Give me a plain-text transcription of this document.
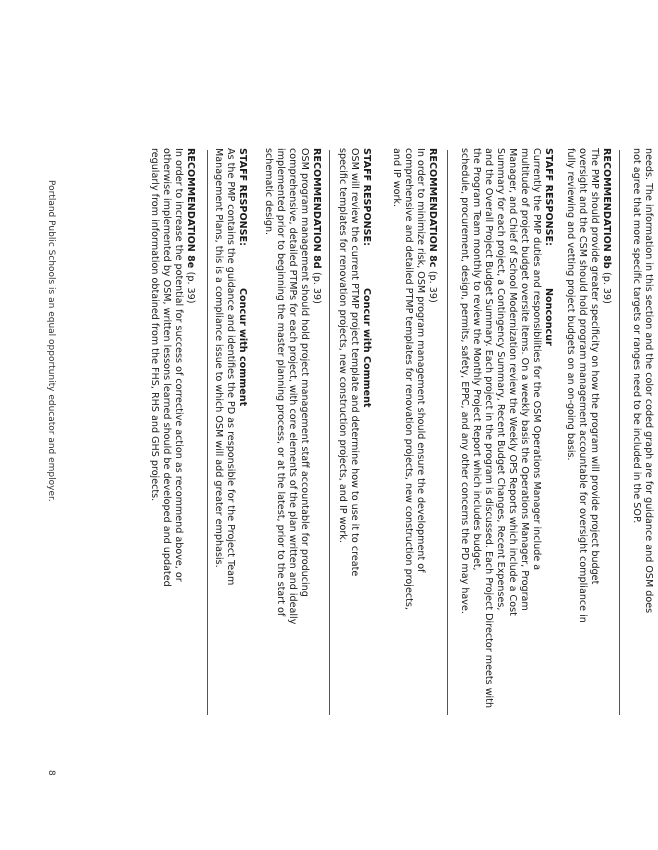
needs. The information in this section and the color coded graph are for guidance and OSM does

not agree that more specific targets or ranges need to be included in the SOP.

RECOMMENDATION 8b (p. 39)

The PMP should provide greater specificity on how the program will provide project budget

oversight and the CSM should hold program management accountable for oversight compliance in

fully reviewing and vetting project budgets on an on-going basis.

STAFF RESPONSE:
Nonconcur

Currently the PMP duties and responsibilities for the OSM Operations Manager include a

multitude of project budget oversite items. On a weekly basis the Operations Manager, Program

Manager, and Chief of School Modernization review the Weekly OPS Reports which include a Cost

Summary for each project, a Contingency Summary, Recent Budget Changes, Recent Expenses,

and the Overall Project Budget Summary. Each project in the program is discussed. Each Project Director meets with

the Program Team monthly to review the Monthly Project Report which includes budget,

schedule, procurement, design, permits, safety, EPPC, and any other concerns the PD may have.

RECOMMENDATION 8c (p. 39)

In order to minimize risk, OSM program management should ensure the development of

comprehensive and detailed PTMP templates for renovation projects, new construction projects,

and IP work.

STAFF RESPONSE:
Concur with Comment

OSM will review the current PTMP project template and determine how to use it to create

specific templates for renovation projects, new construction projects, and IP work.

RECOMMENDATION 8d (p. 39)

OSM program management should hold project management staff accountable for producing

comprehensive, detailed PTMPs for each project, with core elements of the plan written and ideally

implemented prior to beginning the master planning process, or at the latest, prior to the start of

schematic design.

STAFF RESPONSE:
Concur with comment

As the PMP contains the guidance and identifies the PD as responsible for the Project Team

Management Plans, this is a compliance issue to which OSM will add greater emphasis.

RECOMMENDATION 8e (p. 39)

In order to increase the potential for success of corrective action as recommend above, or

otherwise implemented by OSM, written lessons learned should be developed and updated

regularly from information obtained from the FHS, RHS and GHS projects.

Portland Public Schools is an equal opportunity educator and employer.
8
